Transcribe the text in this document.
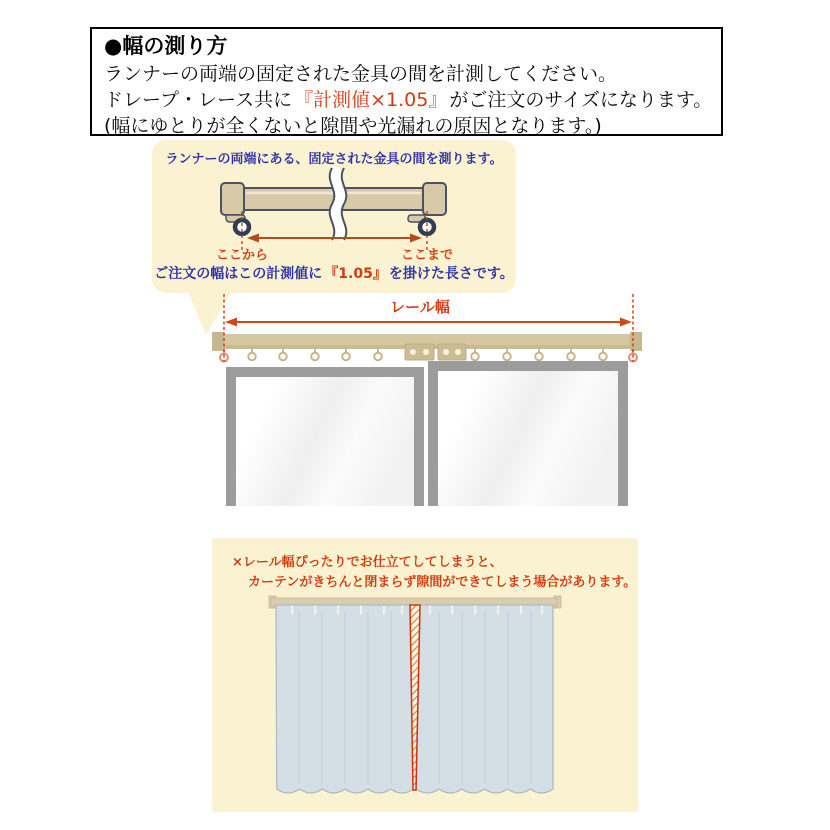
●幅の測り方
ランナーの両端の固定された金具の間を計測してください。
ドレープ・レース共に 『計測値×1.05』 がご注文のサイズになります。
(幅にゆとりが全くないと隙間や光漏れの原因となります。)
ランナーの両端にある、固定された金具の間を測ります。
ここから	ここまで
ご注文の幅はこの計測値に 『1.05』 を掛けた長さです。
レール幅
×レール幅ぴったりでお仕立てしてしまうと、
カーテンがきちんと閉まらず隙間ができてしまう場合があります。
